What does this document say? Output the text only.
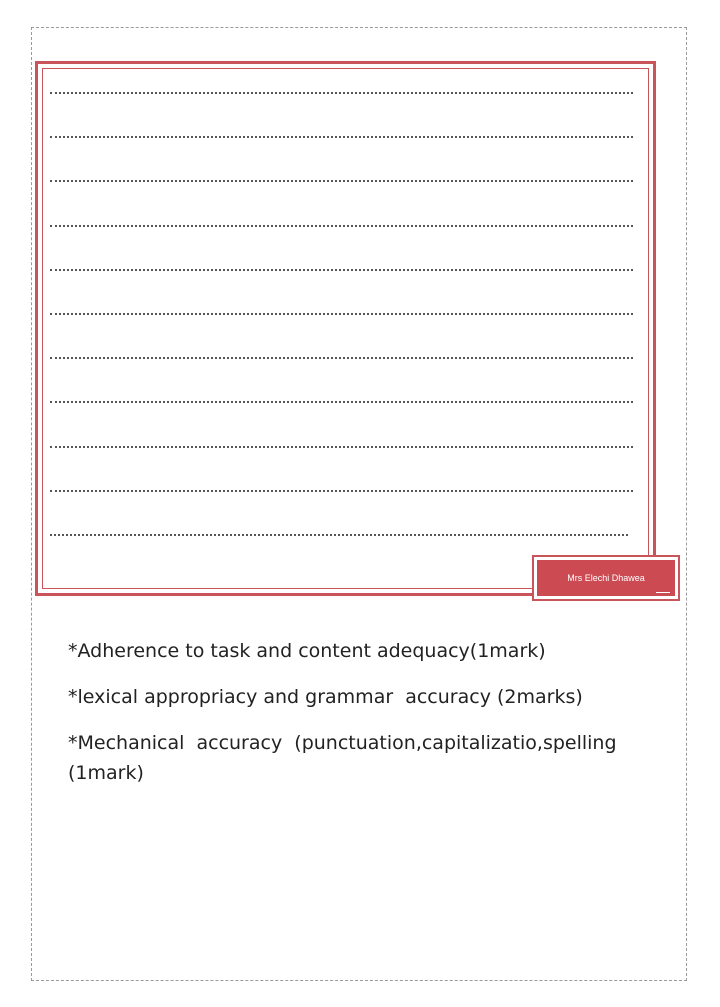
Mrs Elechi Dhawea
*Adherence to task and content adequacy(1mark)
*lexical appropriacy and grammar  accuracy (2marks)
*Mechanical  accuracy  (punctuation,capitalizatio,spelling (1mark)
